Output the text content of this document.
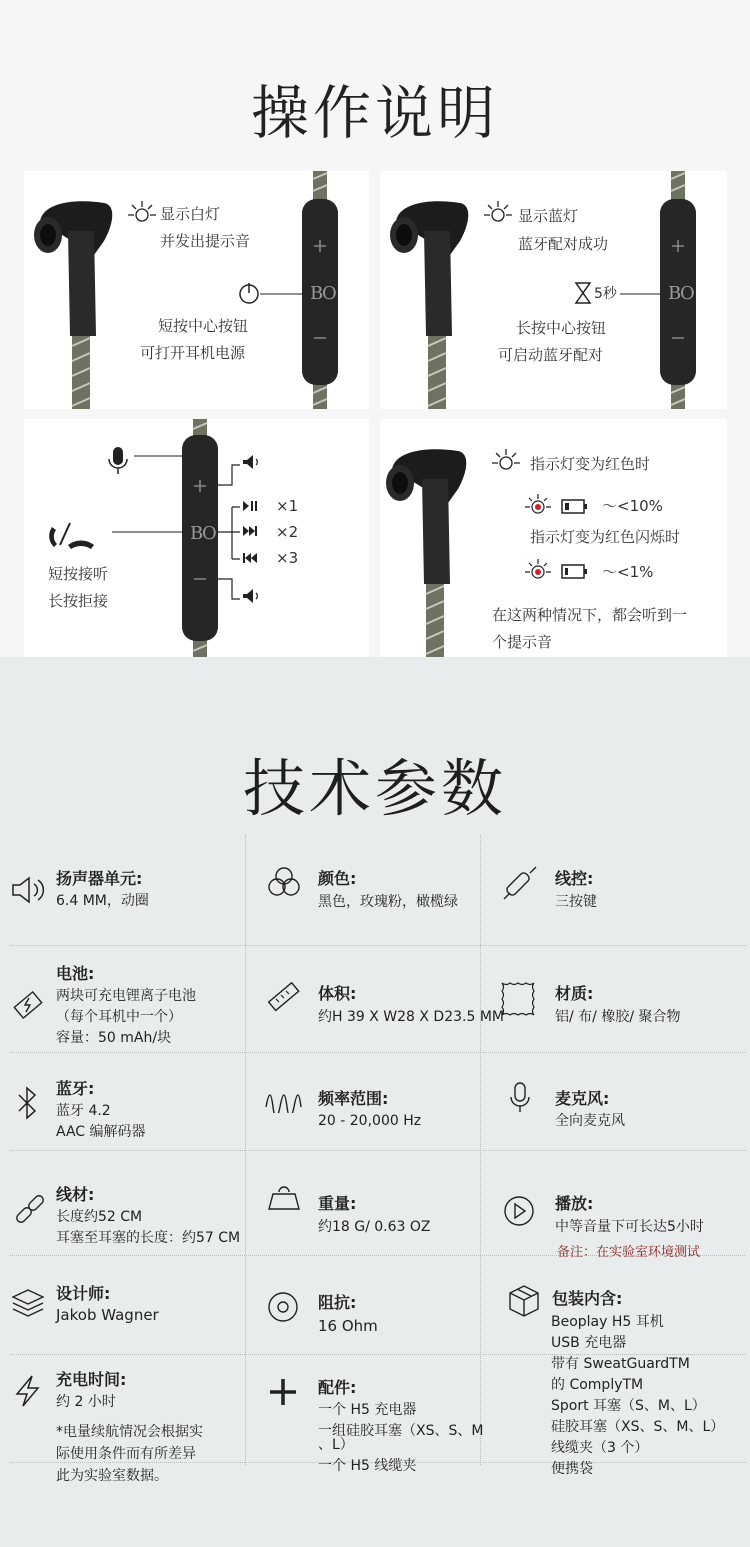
操作说明
B
O
显示白灯
并发出提示音
短按中心按钮
可打开耳机电源
B
O
显示蓝灯
蓝牙配对成功
5秒
长按中心按钮
可启动蓝牙配对
B
O
×1
×2
×3
短按接听
长按拒接
指示灯变为红色时
〜<10%
指示灯变为红色闪烁时
〜<1%
在这两种情况下，都会听到一
个提示音
技术参数
扬声器单元:
6.4 MM，动圈
颜色:
黑色，玫瑰粉，橄榄绿
线控:
三按键
电池:
两块可充电锂离子电池
（每个耳机中一个）
容量：50 mAh/块
体积:
约H 39 X W28 X D23.5 MM
材质:
铝/ 布/ 橡胶/ 聚合物
蓝牙:
蓝牙 4.2
AAC 编解码器
频率范围:
20 - 20,000 Hz
麦克风:
全向麦克风
线材:
长度约52 CM
耳塞至耳塞的长度：约57 CM
重量:
约18 G/ 0.63 OZ
播放:
中等音量下可长达5小时
备注：在实验室环境测试
设计师:
Jakob Wagner
阻抗:
16 Ohm
包装内含:
Beoplay H5 耳机
USB 充电器
带有 SweatGuardTM
的 ComplyTM
Sport 耳塞（S、M、L）
硅胶耳塞（XS、S、M、L）
线缆夹（3 个）
便携袋
充电时间:
约 2 小时
*电量续航情况会根据实
际使用条件而有所差异
此为实验室数据。
配件:
一个 H5 充电器
一组硅胶耳塞（XS、S、M
、L）
一个 H5 线缆夹
